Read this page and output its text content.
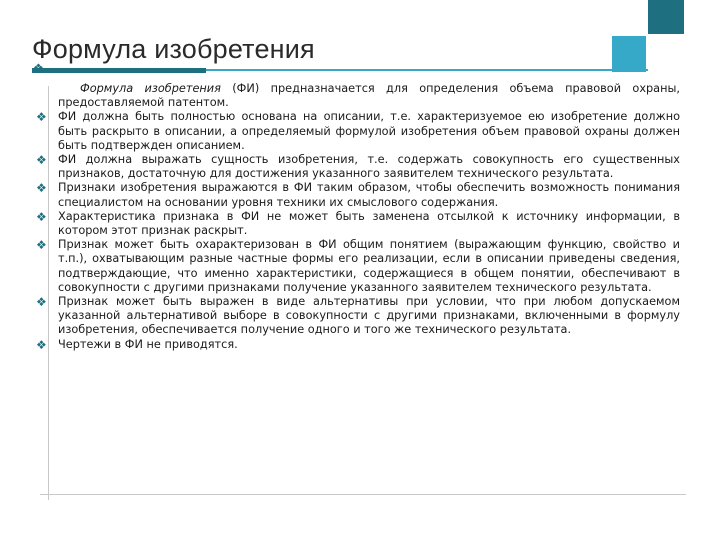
Формула изобретения
❖

Формула изобретения (ФИ) предназначается для определения объема правовой охраны, предоставляемой патентом.

❖ ФИ должна быть полностью основана на описании, т.е. характеризуемое ею изобретение должно быть раскрыто в описании, а определяемый формулой изобретения объем правовой охраны должен быть подтвержден описанием.
❖ ФИ должна выражать сущность изобретения, т.е. содержать совокупность его существенных признаков, достаточную для достижения указанного заявителем технического результата.
❖ Признаки изобретения выражаются в ФИ таким образом, чтобы обеспечить возможность понимания специалистом на основании уровня техники их смыслового содержания.
❖ Характеристика признака в ФИ не может быть заменена отсылкой к источнику информации, в котором этот признак раскрыт.
❖ Признак может быть охарактеризован в ФИ общим понятием (выражающим функцию, свойство и т.п.), охватывающим разные частные формы его реализации, если в описании приведены сведения, подтверждающие, что именно характеристики, содержащиеся в общем понятии, обеспечивают в совокупности с другими признаками получение указанного заявителем технического результата.
❖ Признак может быть выражен в виде альтернативы при условии, что при любом допускаемом указанной альтернативой выборе в совокупности с другими признаками, включенными в формулу изобретения, обеспечивается получение одного и того же технического результата.
❖ Чертежи в ФИ не приводятся.
